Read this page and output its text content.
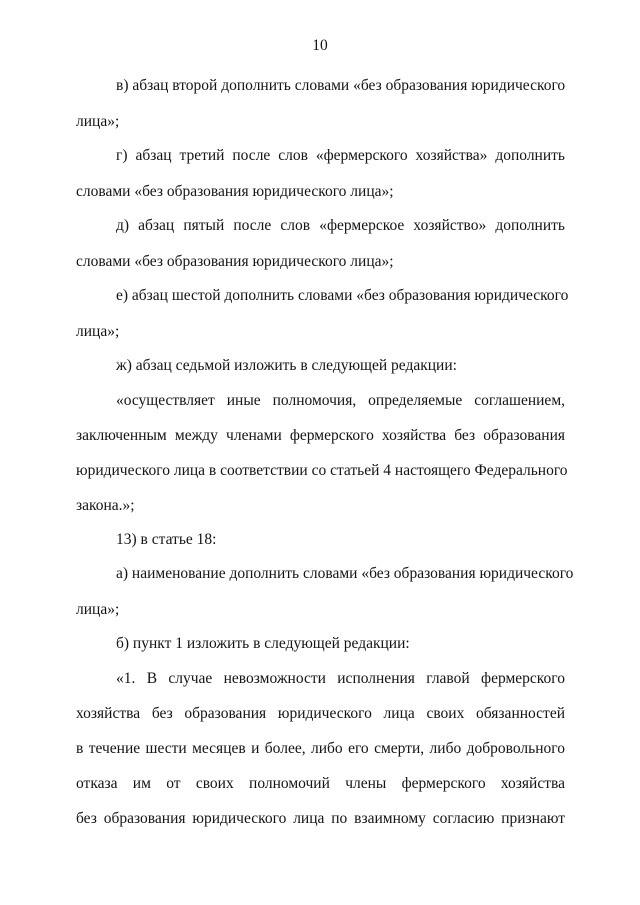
10
в) абзац второй дополнить словами «без образования юридического
лица»;
г) абзац третий после слов «фермерского хозяйства» дополнить
словами «без образования юридического лица»;
д) абзац пятый после слов «фермерское хозяйство» дополнить
словами «без образования юридического лица»;
е) абзац шестой дополнить словами «без образования юридического
лица»;
ж) абзац седьмой изложить в следующей редакции:
«осуществляет иные полномочия, определяемые соглашением,
заключенным между членами фермерского хозяйства без образования
юридического лица в соответствии со статьей 4 настоящего Федерального
закона.»;
13) в статье 18:
а) наименование дополнить словами «без образования юридического
лица»;
б) пункт 1 изложить в следующей редакции:
«1. В случае невозможности исполнения главой фермерского
хозяйства без образования юридического лица своих обязанностей
в течение шести месяцев и более, либо его смерти, либо добровольного
отказа им от своих полномочий члены фермерского хозяйства
без образования юридического лица по взаимному согласию признают
